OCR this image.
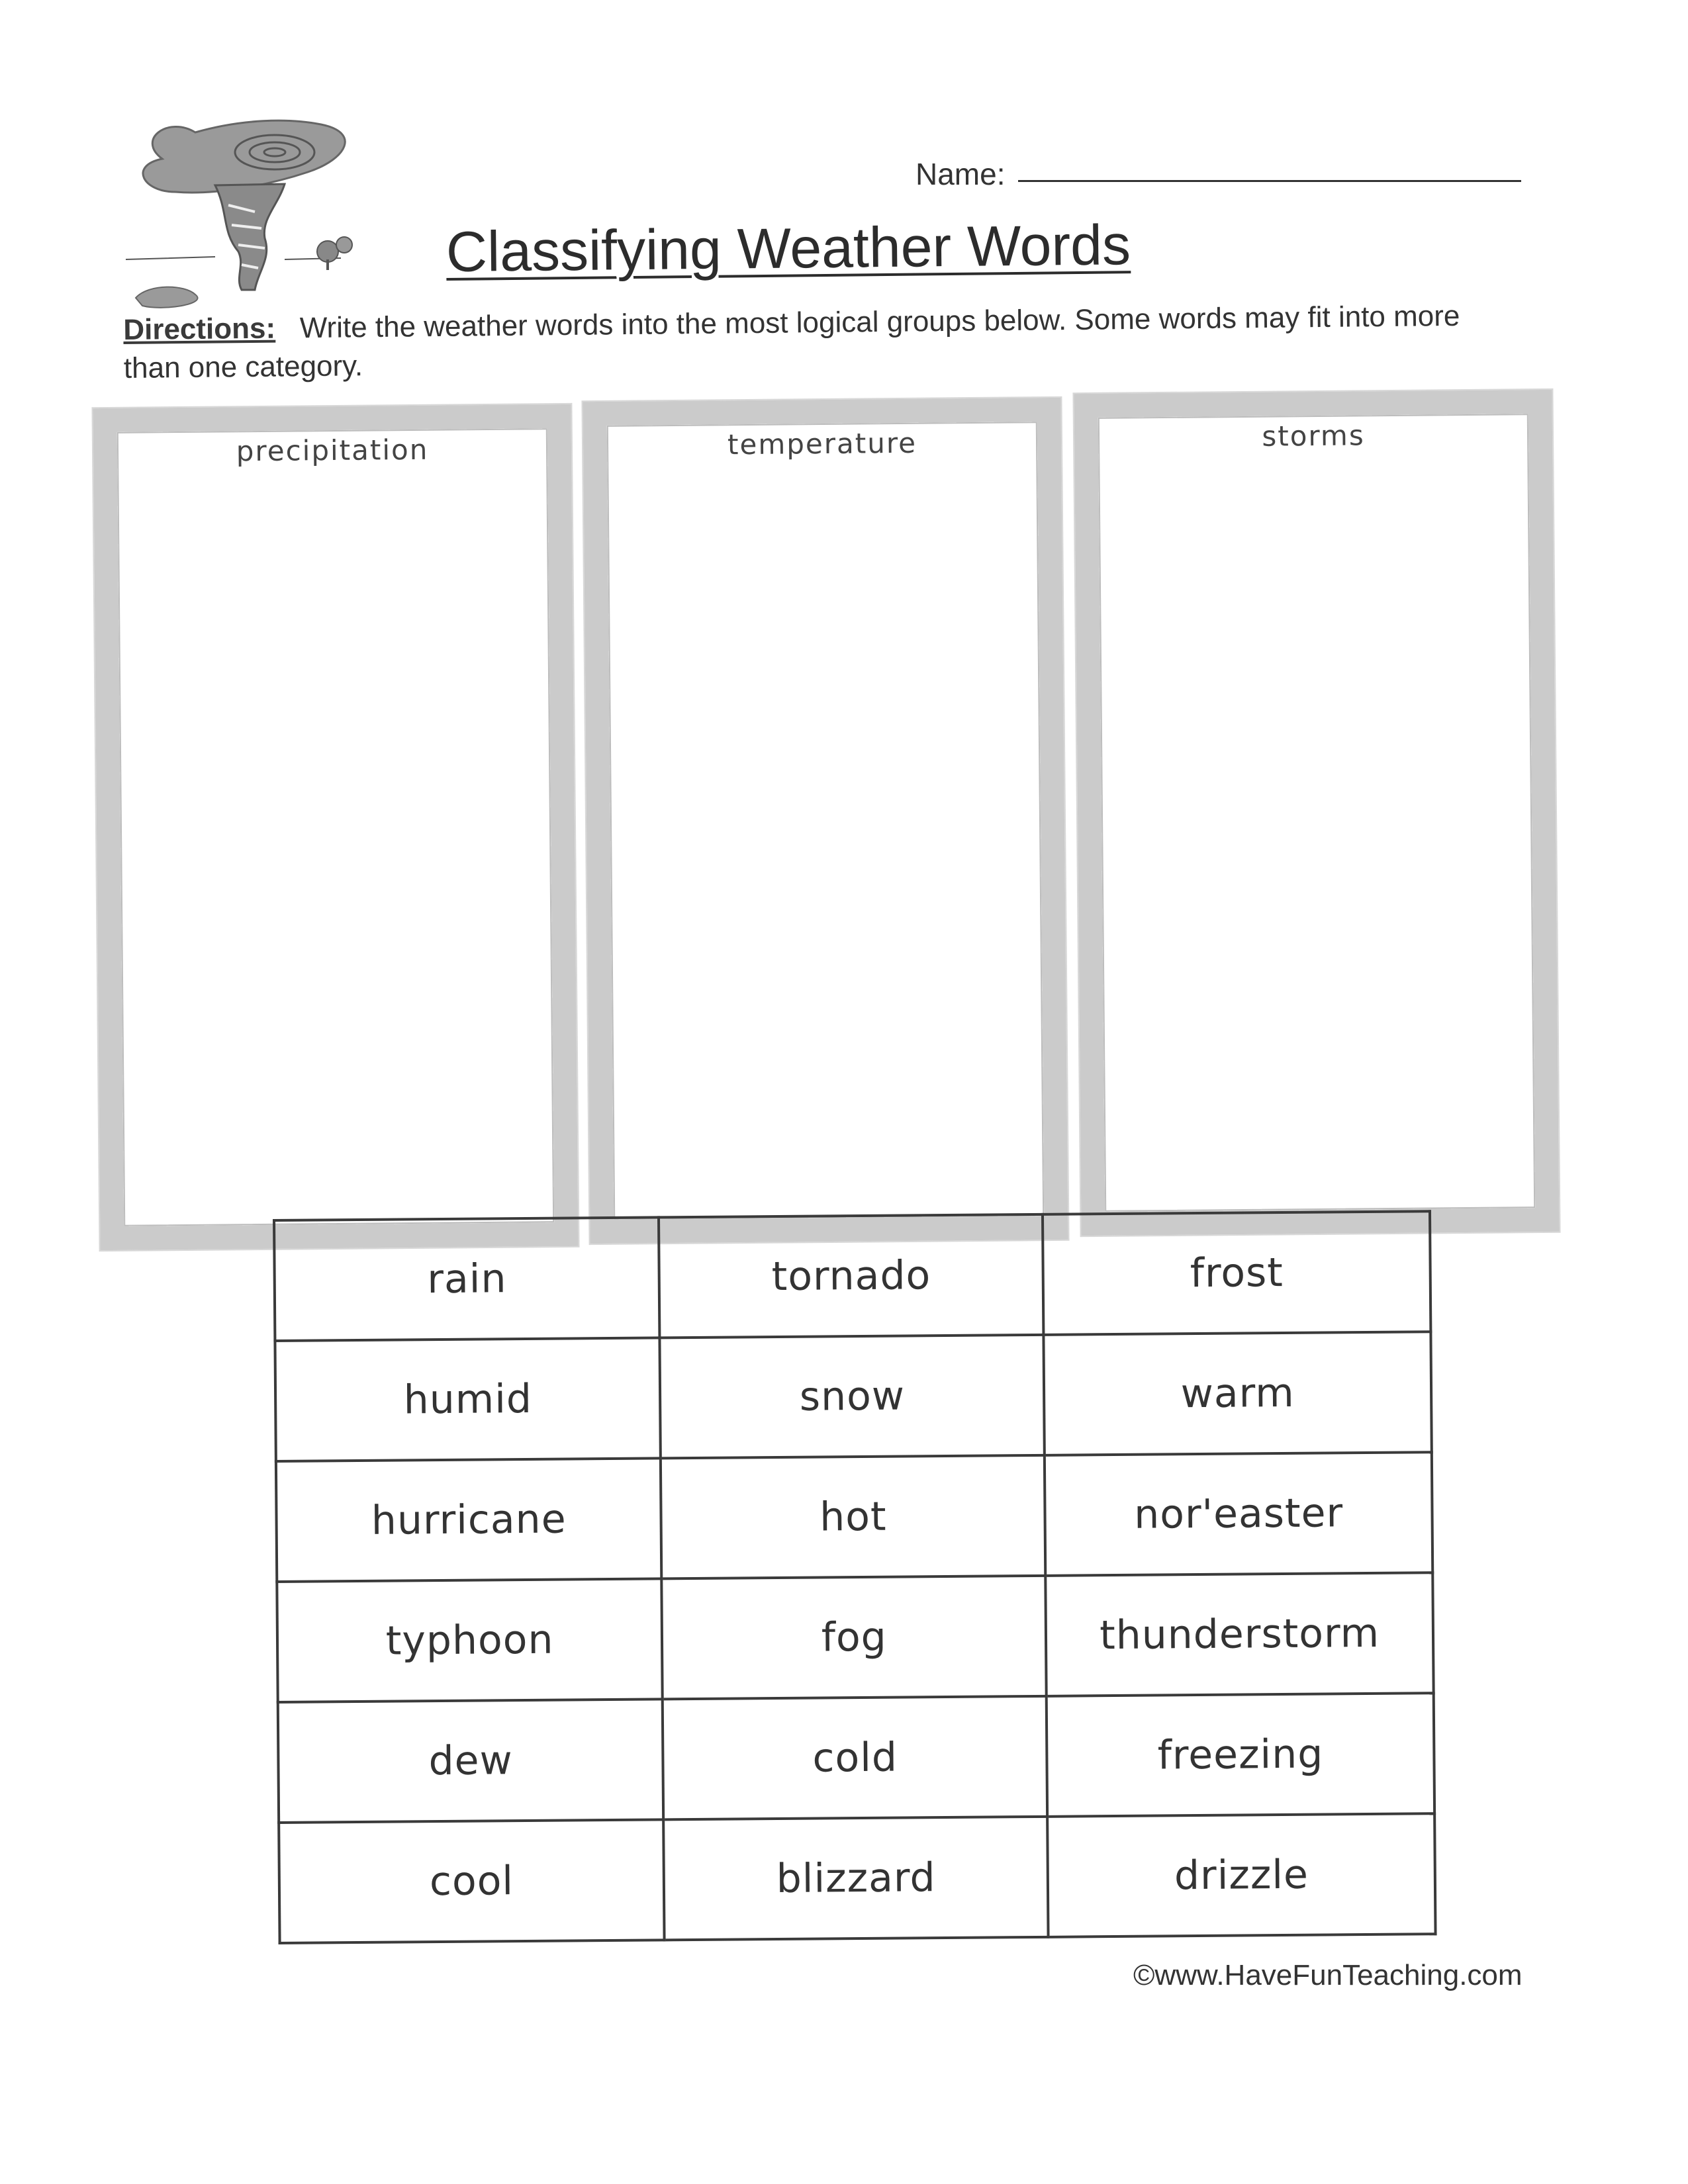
Name:
Classifying Weather Words
Directions: Write the weather words into the most logical groups below. Some words may fit into more than one category.
precipitation	temperature	storms
rain	tornado	frost
humid	snow	warm
hurricane	hot	nor'easter
typhoon	fog	thunderstorm
dew	cold	freezing
cool	blizzard	drizzle
©www.HaveFunTeaching.com
